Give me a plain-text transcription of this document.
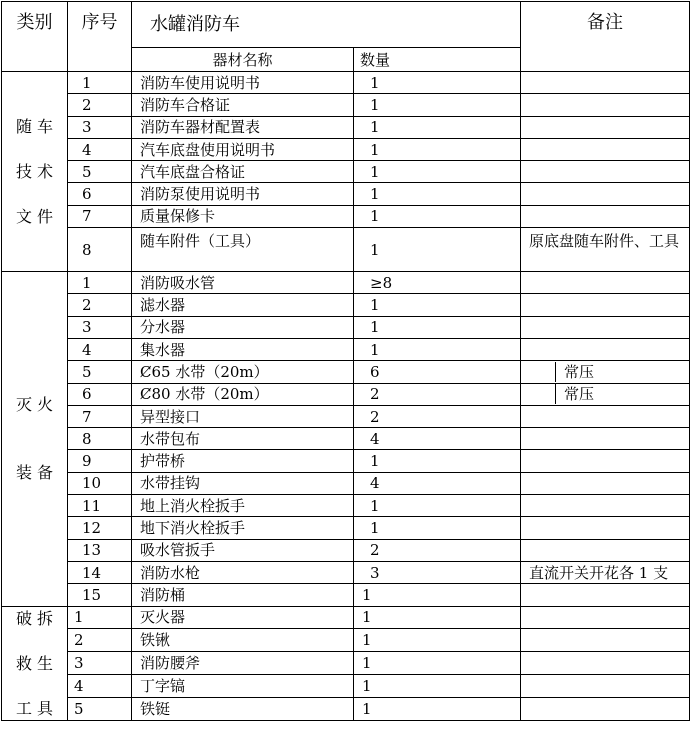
类别	序号	水罐消防车		备注
		器材名称	数量	

随 车
技 术
文 件	1	消防车使用说明书	1	
	2	消防车合格证	1	
	3	消防车器材配置表	1	
	4	汽车底盘使用说明书	1	
	5	汽车底盘合格证	1	
	6	消防泵使用说明书	1	
	7	质量保修卡	1	
	8	随车附件（工具）	1	原底盘随车附件、工具

灭 火
装 备	1	消防吸水管	≥8	
	2	滤水器	1	
	3	分水器	1	
	4	集水器	1	
	5	Ȼ65 水带（20m）	6	常压
	6	Ȼ80 水带（20m）	2	常压
	7	异型接口	2	
	8	水带包布	4	
	9	护带桥	1	
	10	水带挂钩	4	
	11	地上消火栓扳手	1	
	12	地下消火栓扳手	1	
	13	吸水管扳手	2	
	14	消防水枪	3	直流开关开花各 1 支
	15	消防桶	1	

破 拆
救 生
工 具	1	灭火器	1	
	2	铁锹	1	
	3	消防腰斧	1	
	4	丁字镐	1	
	5	铁铤	1	
